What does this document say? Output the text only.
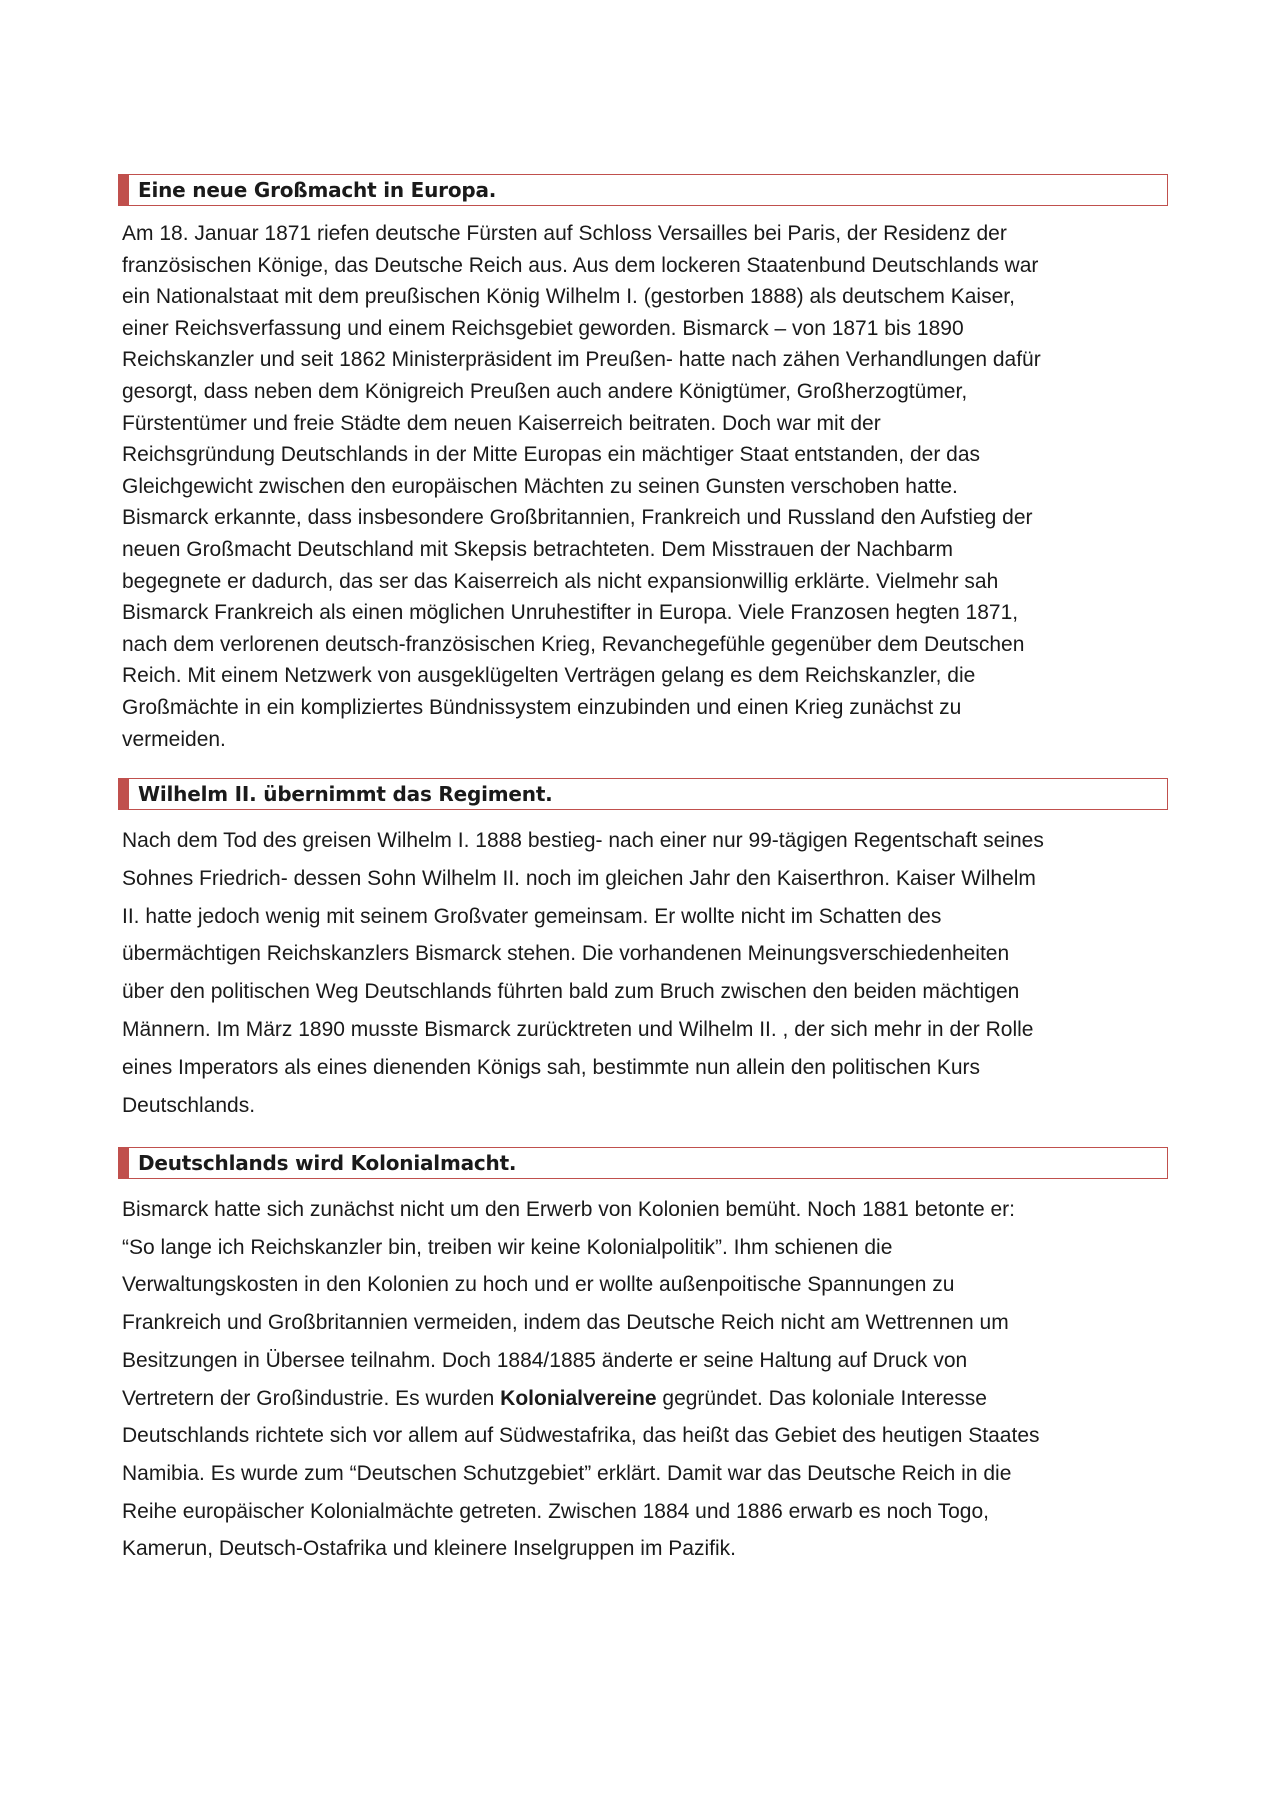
Eine neue Großmacht in Europa.
Am 18. Januar 1871 riefen deutsche Fürsten auf Schloss Versailles bei Paris, der Residenz der
französischen Könige, das Deutsche Reich aus. Aus dem lockeren Staatenbund Deutschlands war
ein Nationalstaat mit dem preußischen König Wilhelm I. (gestorben 1888) als deutschem Kaiser,
einer Reichsverfassung und einem Reichsgebiet geworden. Bismarck – von 1871 bis 1890
Reichskanzler und seit 1862 Ministerpräsident im Preußen- hatte nach zähen Verhandlungen dafür
gesorgt, dass neben dem Königreich Preußen auch andere Königtümer, Großherzogtümer,
Fürstentümer und freie Städte dem neuen Kaiserreich beitraten. Doch war mit der
Reichsgründung Deutschlands in der Mitte Europas ein mächtiger Staat entstanden, der das
Gleichgewicht zwischen den europäischen Mächten zu seinen Gunsten verschoben hatte.
Bismarck erkannte, dass insbesondere Großbritannien, Frankreich und Russland den Aufstieg der
neuen Großmacht Deutschland mit Skepsis betrachteten. Dem Misstrauen der Nachbarm
begegnete er dadurch, das ser das Kaiserreich als nicht expansionwillig erklärte. Vielmehr sah
Bismarck Frankreich als einen möglichen Unruhestifter in Europa. Viele Franzosen hegten 1871,
nach dem verlorenen deutsch-französischen Krieg, Revanchegefühle gegenüber dem Deutschen
Reich. Mit einem Netzwerk von ausgeklügelten Verträgen gelang es dem Reichskanzler, die
Großmächte in ein kompliziertes Bündnissystem einzubinden und einen Krieg zunächst zu
vermeiden.
Wilhelm II. übernimmt das Regiment.
Nach dem Tod des greisen Wilhelm I. 1888 bestieg- nach einer nur 99-tägigen Regentschaft seines
Sohnes Friedrich- dessen Sohn Wilhelm II. noch im gleichen Jahr den Kaiserthron. Kaiser Wilhelm
II. hatte jedoch wenig mit seinem Großvater gemeinsam. Er wollte nicht im Schatten des
übermächtigen Reichskanzlers Bismarck stehen. Die vorhandenen Meinungsverschiedenheiten
über den politischen Weg Deutschlands führten bald zum Bruch zwischen den beiden mächtigen
Männern. Im März 1890 musste Bismarck zurücktreten und Wilhelm II. , der sich mehr in der Rolle
eines Imperators als eines dienenden Königs sah, bestimmte nun allein den politischen Kurs
Deutschlands.
Deutschlands wird Kolonialmacht.
Bismarck hatte sich zunächst nicht um den Erwerb von Kolonien bemüht. Noch 1881 betonte er:
“So lange ich Reichskanzler bin, treiben wir keine Kolonialpolitik”. Ihm schienen die
Verwaltungskosten in den Kolonien zu hoch und er wollte außenpoitische Spannungen zu
Frankreich und Großbritannien vermeiden, indem das Deutsche Reich nicht am Wettrennen um
Besitzungen in Übersee teilnahm. Doch 1884/1885 änderte er seine Haltung auf Druck von
Vertretern der Großindustrie. Es wurden Kolonialvereine gegründet. Das koloniale Interesse
Deutschlands richtete sich vor allem auf Südwestafrika, das heißt das Gebiet des heutigen Staates
Namibia. Es wurde zum “Deutschen Schutzgebiet” erklärt. Damit war das Deutsche Reich in die
Reihe europäischer Kolonialmächte getreten. Zwischen 1884 und 1886 erwarb es noch Togo,
Kamerun, Deutsch-Ostafrika und kleinere Inselgruppen im Pazifik.
